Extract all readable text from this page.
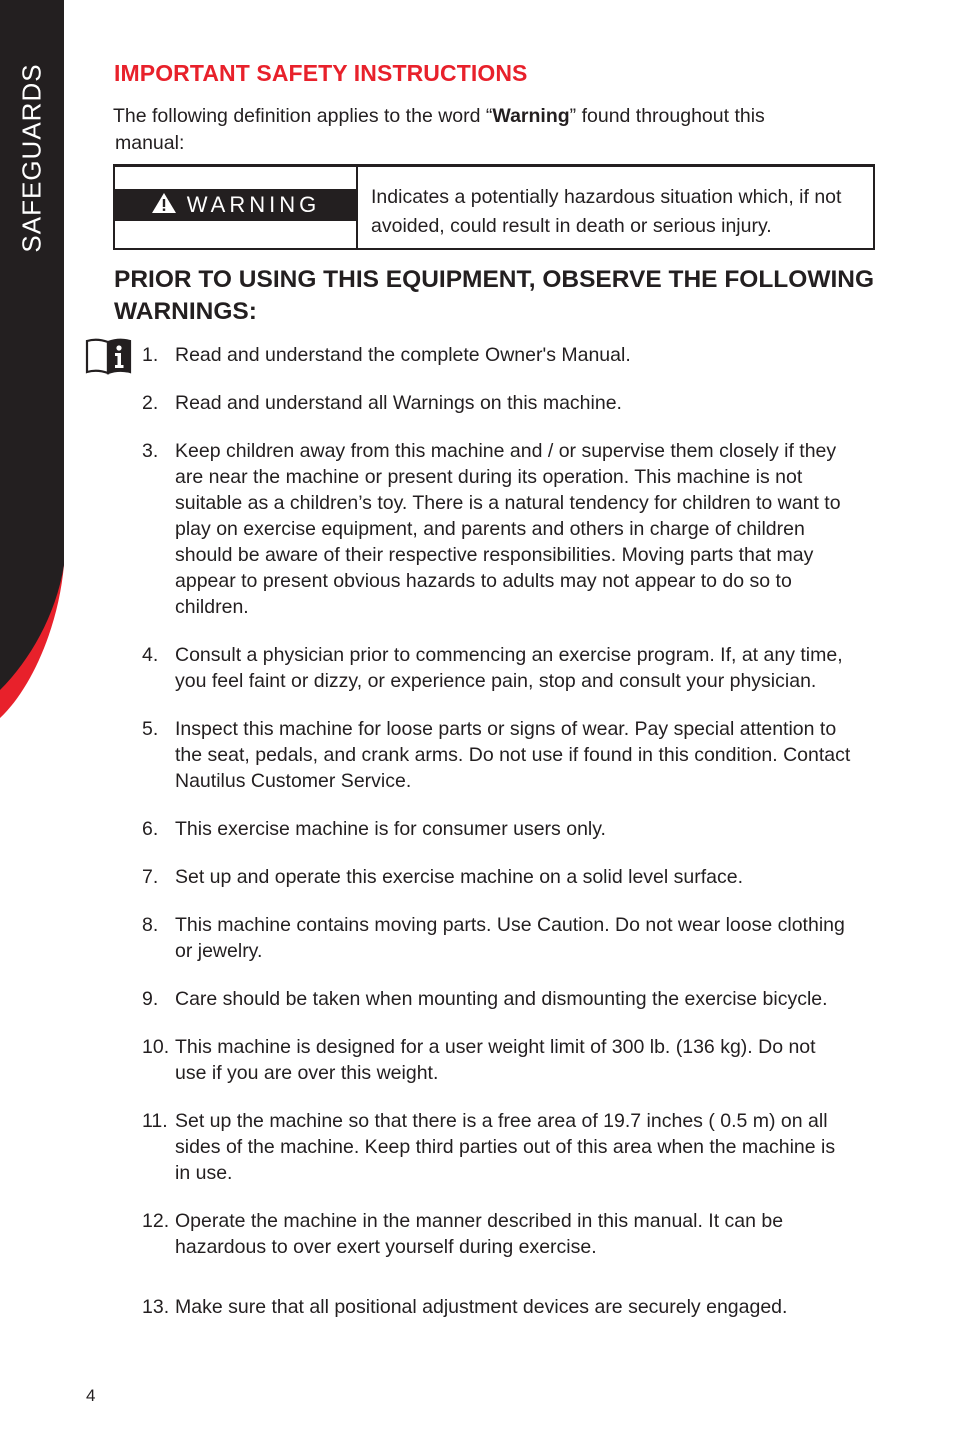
SAFEGUARDS	IMPORTANT SAFETY INSTRUCTIONS

The following definition applies to the word “Warning” found throughout this
manual:

WARNING	Indicates a potentially hazardous situation which, if not avoided, could result in death or serious injury.

PRIOR TO USING THIS EQUIPMENT, OBSERVE THE FOLLOWING WARNINGS:
1. Read and understand the complete Owner's Manual.
2. Read and understand all Warnings on this machine.
3. Keep children away from this machine and / or supervise them closely if they are near the machine or present during its operation. This machine is not suitable as a children’s toy. There is a natural tendency for children to want to play on exercise equipment, and parents and others in charge of children should be aware of their respective responsibilities. Moving parts that may appear to present obvious hazards to adults may not appear to do so to children.
4. Consult a physician prior to commencing an exercise program. If, at any time, you feel faint or dizzy, or experience pain, stop and consult your physician.
5. Inspect this machine for loose parts or signs of wear. Pay special attention to the seat, pedals, and crank arms. Do not use if found in this condition. Contact Nautilus Customer Service.
6. This exercise machine is for consumer users only.
7. Set up and operate this exercise machine on a solid level surface.
8. This machine contains moving parts. Use Caution. Do not wear loose clothing or jewelry.
9. Care should be taken when mounting and dismounting the exercise bicycle.
10. This machine is designed for a user weight limit of 300 lb. (136 kg). Do not use if you are over this weight.
11. Set up the machine so that there is a free area of 19.7 inches ( 0.5 m) on all sides of the machine. Keep third parties out of this area when the machine is in use.
12. Operate the machine in the manner described in this manual. It can be hazardous to over exert yourself during exercise.
13. Make sure that all positional adjustment devices are securely engaged.

4
